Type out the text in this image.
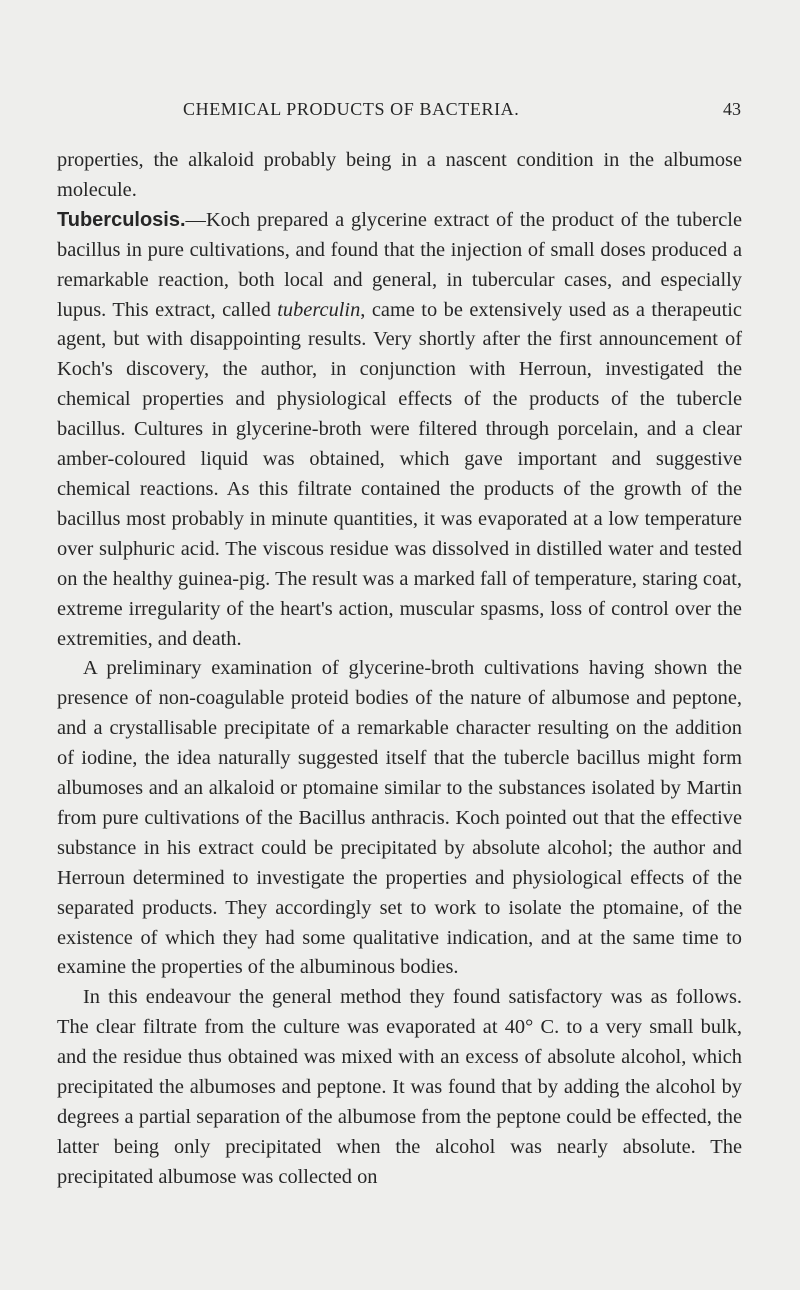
CHEMICAL PRODUCTS OF BACTERIA.	43

properties, the alkaloid probably being in a nascent condition in the albumose molecule.

Tuberculosis.—Koch prepared a glycerine extract of the product of the tubercle bacillus in pure cultivations, and found that the injection of small doses produced a remarkable reaction, both local and general, in tubercular cases, and especially lupus. This extract, called tuberculin, came to be extensively used as a therapeutic agent, but with disappointing results. Very shortly after the first announcement of Koch's discovery, the author, in conjunction with Herroun, investigated the chemical properties and physiological effects of the products of the tubercle bacillus. Cultures in glycerine-broth were filtered through porcelain, and a clear amber-coloured liquid was obtained, which gave important and suggestive chemical reactions. As this filtrate contained the products of the growth of the bacillus most probably in minute quantities, it was evaporated at a low temperature over sulphuric acid. The viscous residue was dissolved in distilled water and tested on the healthy guinea-pig. The result was a marked fall of temperature, staring coat, extreme irregularity of the heart's action, muscular spasms, loss of control over the extremities, and death.

A preliminary examination of glycerine-broth cultivations having shown the presence of non-coagulable proteid bodies of the nature of albumose and peptone, and a crystallisable precipitate of a remarkable character resulting on the addition of iodine, the idea naturally suggested itself that the tubercle bacillus might form albumoses and an alkaloid or ptomaine similar to the substances isolated by Martin from pure cultivations of the Bacillus anthracis. Koch pointed out that the effective substance in his extract could be precipitated by absolute alcohol; the author and Herroun determined to investigate the properties and physiological effects of the separated products. They accordingly set to work to isolate the ptomaine, of the existence of which they had some qualitative indication, and at the same time to examine the properties of the albuminous bodies.

In this endeavour the general method they found satisfactory was as follows. The clear filtrate from the culture was evaporated at 40° C. to a very small bulk, and the residue thus obtained was mixed with an excess of absolute alcohol, which precipitated the albumoses and peptone. It was found that by adding the alcohol by degrees a partial separation of the albumose from the peptone could be effected, the latter being only precipitated when the alcohol was nearly absolute. The precipitated albumose was collected on
